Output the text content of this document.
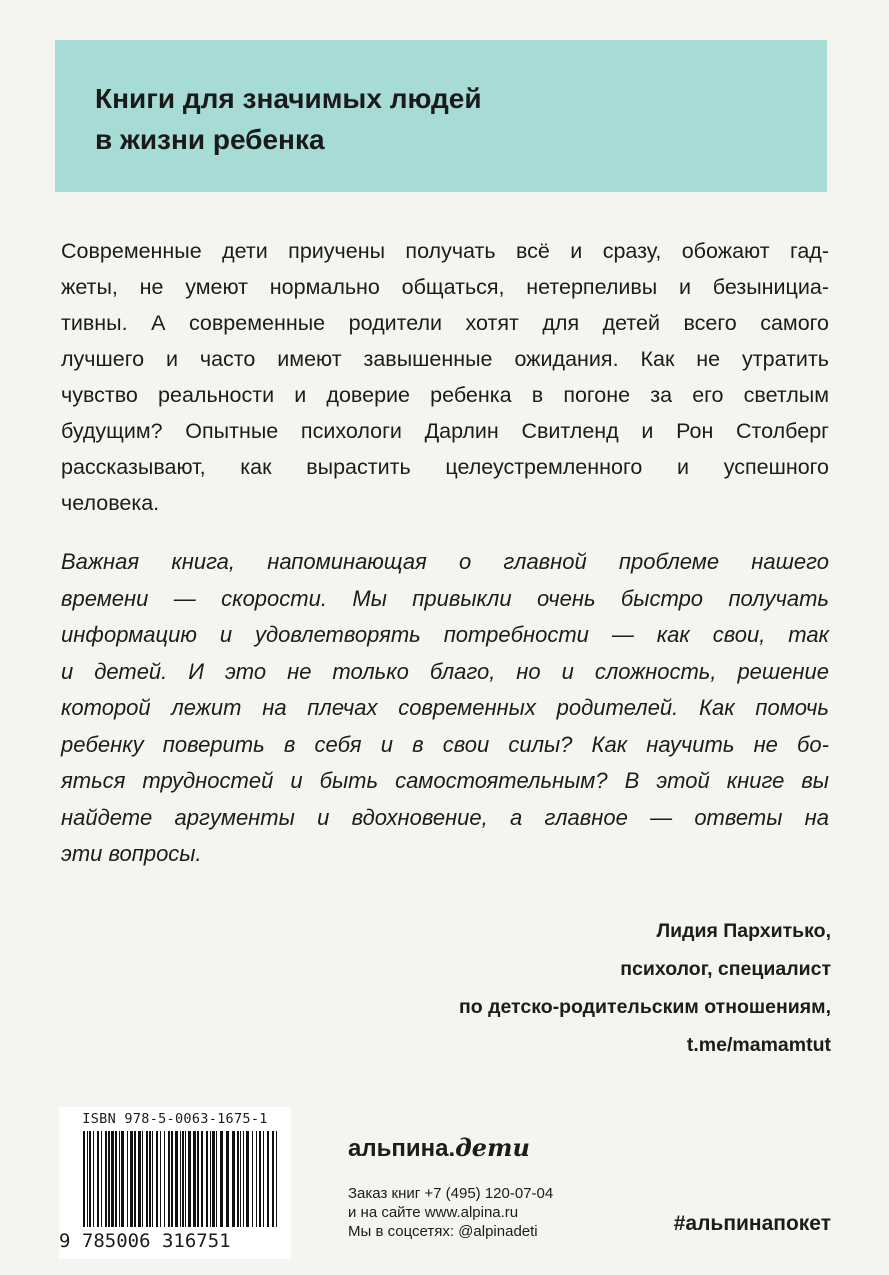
Книги для значимых людей
в жизни ребенка
Современные дети приучены получать всё и сразу, обожают гад-
жеты, не умеют нормально общаться, нетерпеливы и безынициа-
тивны. А современные родители хотят для детей всего самого
лучшего и часто имеют завышенные ожидания. Как не утратить
чувство реальности и доверие ребенка в погоне за его светлым
будущим? Опытные психологи Дарлин Свитленд и Рон Столберг
рассказывают, как вырастить целеустремленного и успешного
человека.
Важная книга, напоминающая о главной проблеме нашего
времени — скорости. Мы привыкли очень быстро получать
информацию и удовлетворять потребности — как свои, так
и детей. И это не только благо, но и сложность, решение
которой лежит на плечах современных родителей. Как помочь
ребенку поверить в себя и в свои силы? Как научить не бо-
яться трудностей и быть самостоятельным? В этой книге вы
найдете аргументы и вдохновение, а главное — ответы на
эти вопросы.
Лидия Пархитько,
психолог, специалист
по детско-родительским отношениям,
t.me/mamamtut
ISBN 978-5-0063-1675-1
9 785006 316751
альпина.дети
Заказ книг +7 (495) 120-07-04
и на сайте www.alpina.ru
Мы в соцсетях: @alpinadeti	#альпинапокет
